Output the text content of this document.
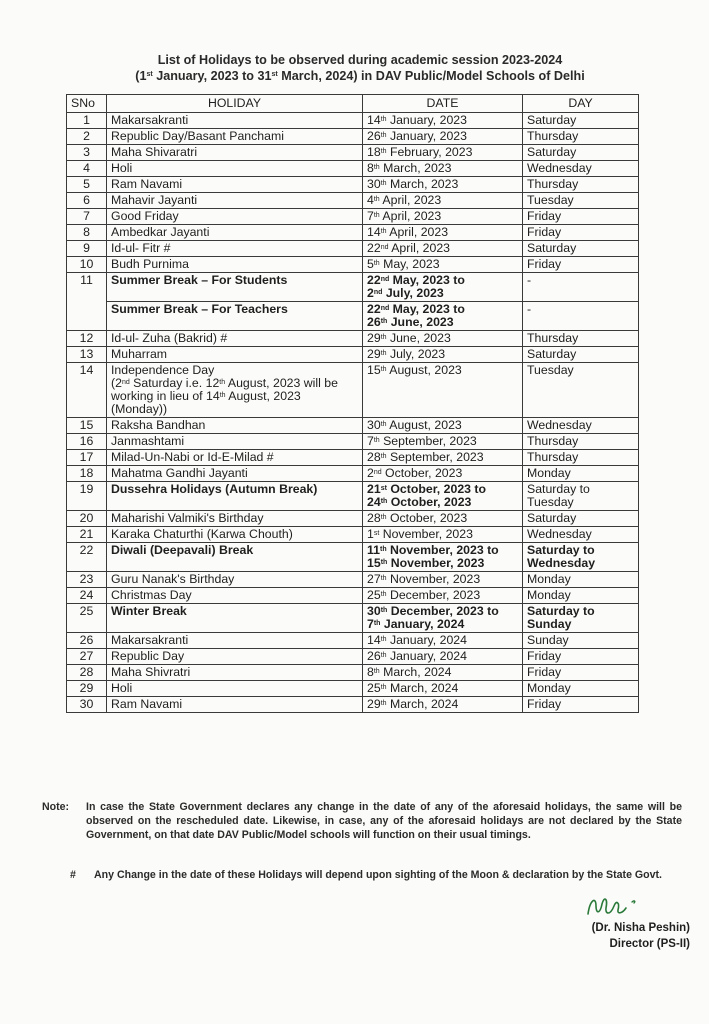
List of Holidays to be observed during academic session 2023-2024
(1st January, 2023 to 31st March, 2024) in DAV Public/Model Schools of Delhi
SNo	HOLIDAY	DATE	DAY
1	Makarsakranti	14th January, 2023	Saturday
2	Republic Day/Basant Panchami	26th January, 2023	Thursday
3	Maha Shivaratri	18th February, 2023	Saturday
4	Holi	8th March, 2023	Wednesday
5	Ram Navami	30th March, 2023	Thursday
6	Mahavir Jayanti	4th April, 2023	Tuesday
7	Good Friday	7th April, 2023	Friday
8	Ambedkar Jayanti	14th April, 2023	Friday
9	Id-ul- Fitr #	22nd April, 2023	Saturday
10	Budh Purnima	5th May, 2023	Friday
11	Summer Break – For Students	22nd May, 2023 to
2nd July, 2023	-
	Summer Break – For Teachers	22nd May, 2023 to
26th June, 2023	-
12	Id-ul- Zuha (Bakrid) #	29th June, 2023	Thursday
13	Muharram	29th July, 2023	Saturday
14	Independence Day
(2nd Saturday i.e. 12th August, 2023 will be
working in lieu of 14th August, 2023
(Monday))	15th August, 2023	Tuesday
15	Raksha Bandhan	30th August, 2023	Wednesday
16	Janmashtami	7th September, 2023	Thursday
17	Milad-Un-Nabi or Id-E-Milad #	28th September, 2023	Thursday
18	Mahatma Gandhi Jayanti	2nd October, 2023	Monday
19	Dussehra Holidays (Autumn Break)	21st October, 2023 to
24th October, 2023	Saturday to
Tuesday
20	Maharishi Valmiki's Birthday	28th October, 2023	Saturday
21	Karaka Chaturthi (Karwa Chouth)	1st November, 2023	Wednesday
22	Diwali (Deepavali) Break	11th November, 2023 to
15th November, 2023	Saturday to
Wednesday
23	Guru Nanak's Birthday	27th November, 2023	Monday
24	Christmas Day	25th December, 2023	Monday
25	Winter Break	30th December, 2023 to
7th January, 2024	Saturday to
Sunday
26	Makarsakranti	14th January, 2024	Sunday
27	Republic Day	26th January, 2024	Friday
28	Maha Shivratri	8th March, 2024	Friday
29	Holi	25th March, 2024	Monday
30	Ram Navami	29th March, 2024	Friday
Note: In case the State Government declares any change in the date of any of the aforesaid holidays, the same will be observed on the rescheduled date. Likewise, in case, any of the aforesaid holidays are not declared by the State Government, on that date DAV Public/Model schools will function on their usual timings.
# Any Change in the date of these Holidays will depend upon sighting of the Moon & declaration by the State Govt.
(Dr. Nisha Peshin)
Director (PS-II)
